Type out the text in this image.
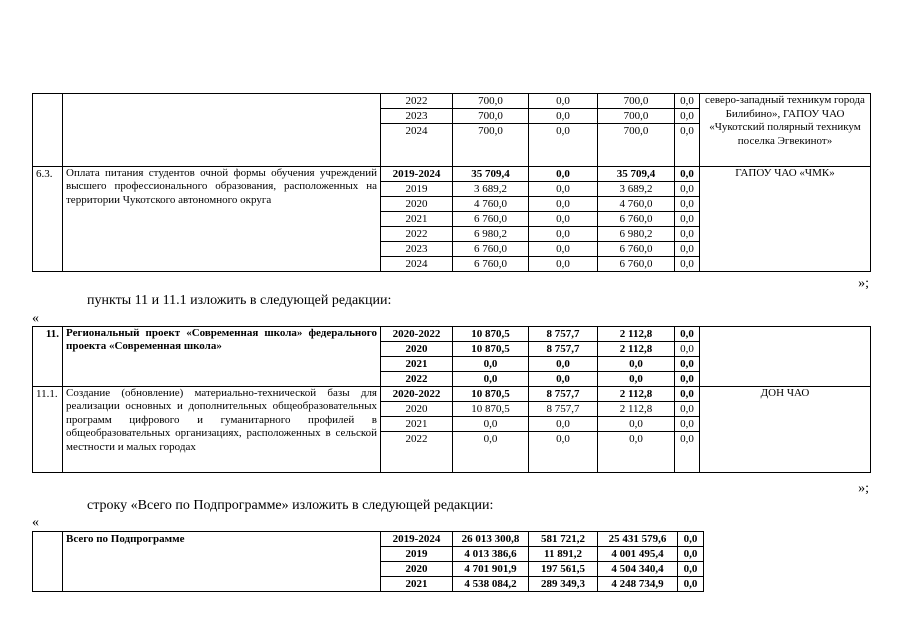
		2022	700,0	0,0	700,0	0,0	северо-западный техникум города Билибино», ГАПОУ ЧАО «Чукотский полярный техникум поселка Эгвекинот»
		2023	700,0	0,0	700,0	0,0	
		2024	700,0	0,0	700,0	0,0	
6.3.	Оплата питания студентов очной формы обучения учреждений высшего профессионального образования, расположенных на территории Чукотского автономного округа	2019-2024	35 709,4	0,0	35 709,4	0,0	ГАПОУ ЧАО «ЧМК»
		2019	3 689,2	0,0	3 689,2	0,0	
		2020	4 760,0	0,0	4 760,0	0,0	
		2021	6 760,0	0,0	6 760,0	0,0	
		2022	6 980,2	0,0	6 980,2	0,0	
		2023	6 760,0	0,0	6 760,0	0,0	
		2024	6 760,0	0,0	6 760,0	0,0	
»;
пункты 11 и 11.1 изложить в следующей редакции:
«
11.	Региональный проект «Современная школа» федерального проекта «Современная школа»	2020-2022	10 870,5	8 757,7	2 112,8	0,0	
		2020	10 870,5	8 757,7	2 112,8	0,0	
		2021	0,0	0,0	0,0	0,0	
		2022	0,0	0,0	0,0	0,0	
11.1.	Создание (обновление) материально-технической базы для реализации основных и дополнительных общеобразовательных программ цифрового и гуманитарного профилей в общеобразовательных организациях, расположенных в сельской местности и малых городах	2020-2022	10 870,5	8 757,7	2 112,8	0,0	ДОН ЧАО
		2020	10 870,5	8 757,7	2 112,8	0,0	
		2021	0,0	0,0	0,0	0,0	
		2022	0,0	0,0	0,0	0,0	
»;
строку «Всего по Подпрограмме» изложить в следующей редакции:
«
	Всего по Подпрограмме	2019-2024	26 013 300,8	581 721,2	25 431 579,6	0,0
		2019	4 013 386,6	11 891,2	4 001 495,4	0,0
		2020	4 701 901,9	197 561,5	4 504 340,4	0,0
		2021	4 538 084,2	289 349,3	4 248 734,9	0,0
